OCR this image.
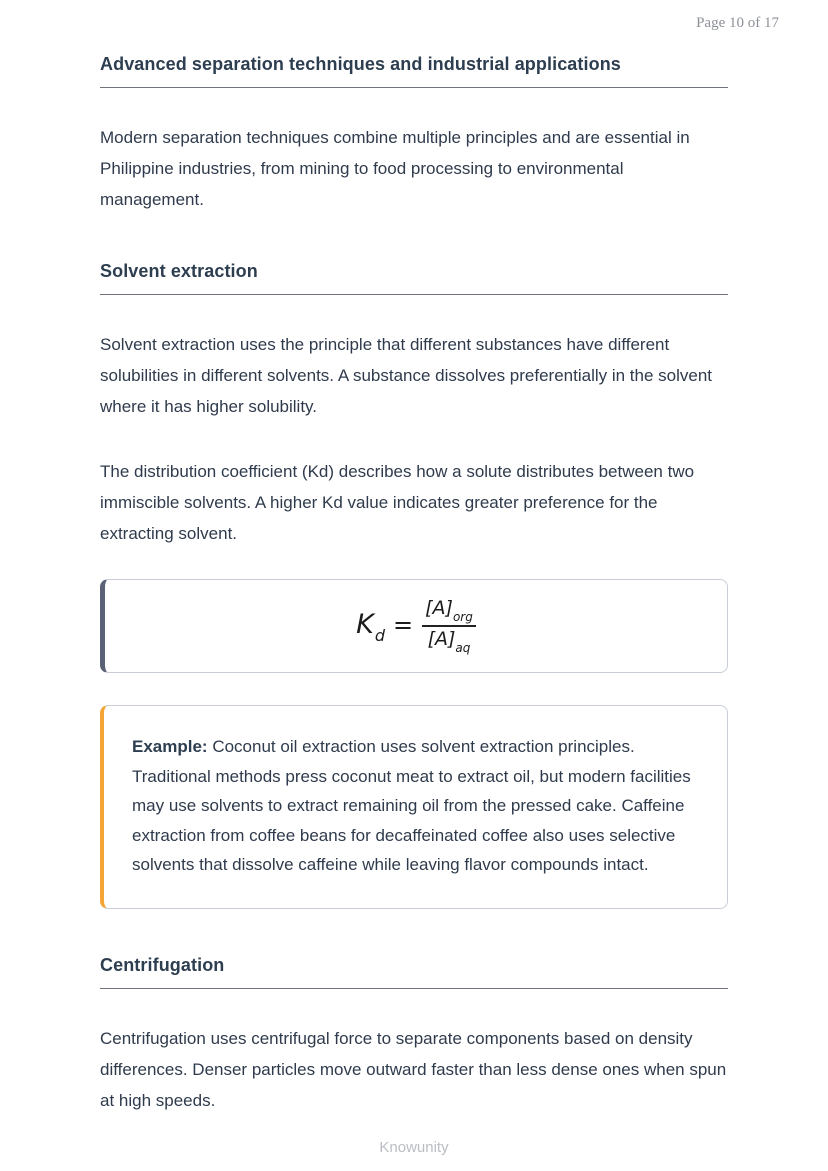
Page 10 of 17
Advanced separation techniques and industrial applications

Modern separation techniques combine multiple principles and are essential in Philippine industries, from mining to food processing to environmental management.

Solvent extraction

Solvent extraction uses the principle that different substances have different solubilities in different solvents. A substance dissolves preferentially in the solvent where it has higher solubility.

The distribution coefficient (Kd) describes how a solute distributes between two immiscible solvents. A higher Kd value indicates greater preference for the extracting solvent.

$K_d = \frac{[A]_{org}}{[A]_{aq}}$

Example: Coconut oil extraction uses solvent extraction principles. Traditional methods press coconut meat to extract oil, but modern facilities may use solvents to extract remaining oil from the pressed cake. Caffeine extraction from coffee beans for decaffeinated coffee also uses selective solvents that dissolve caffeine while leaving flavor compounds intact.

Centrifugation

Centrifugation uses centrifugal force to separate components based on density differences. Denser particles move outward faster than less dense ones when spun at high speeds.

Knowunity
